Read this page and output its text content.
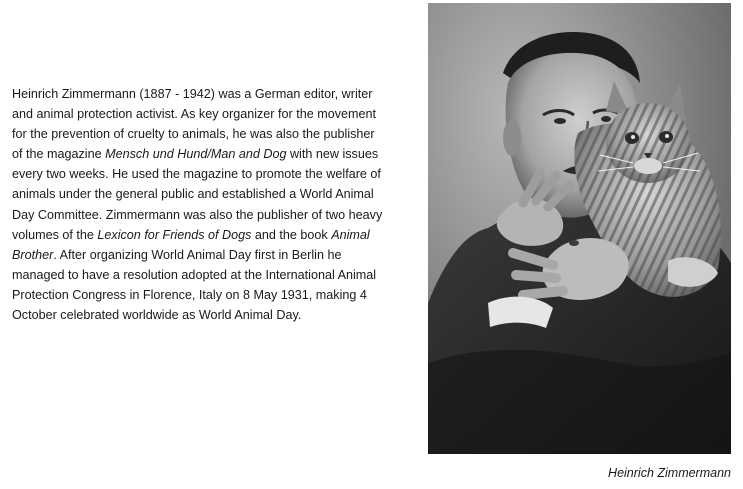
Heinrich Zimmermann (1887 - 1942) was a German editor, writer
and animal protection activist. As key organizer for the movement
for the prevention of cruelty to animals, he was also the publisher
of the magazine Mensch und Hund/Man and Dog with new issues
every two weeks. He used the magazine to promote the welfare of
animals under the general public and established a World Animal
Day Committee. Zimmermann was also the publisher of two heavy
volumes of the Lexicon for Friends of Dogs and the book Animal
Brother. After organizing World Animal Day first in Berlin he
managed to have a resolution adopted at the International Animal
Protection Congress in Florence, Italy on 8 May 1931, making 4
October celebrated worldwide as World Animal Day.
Heinrich Zimmermann
